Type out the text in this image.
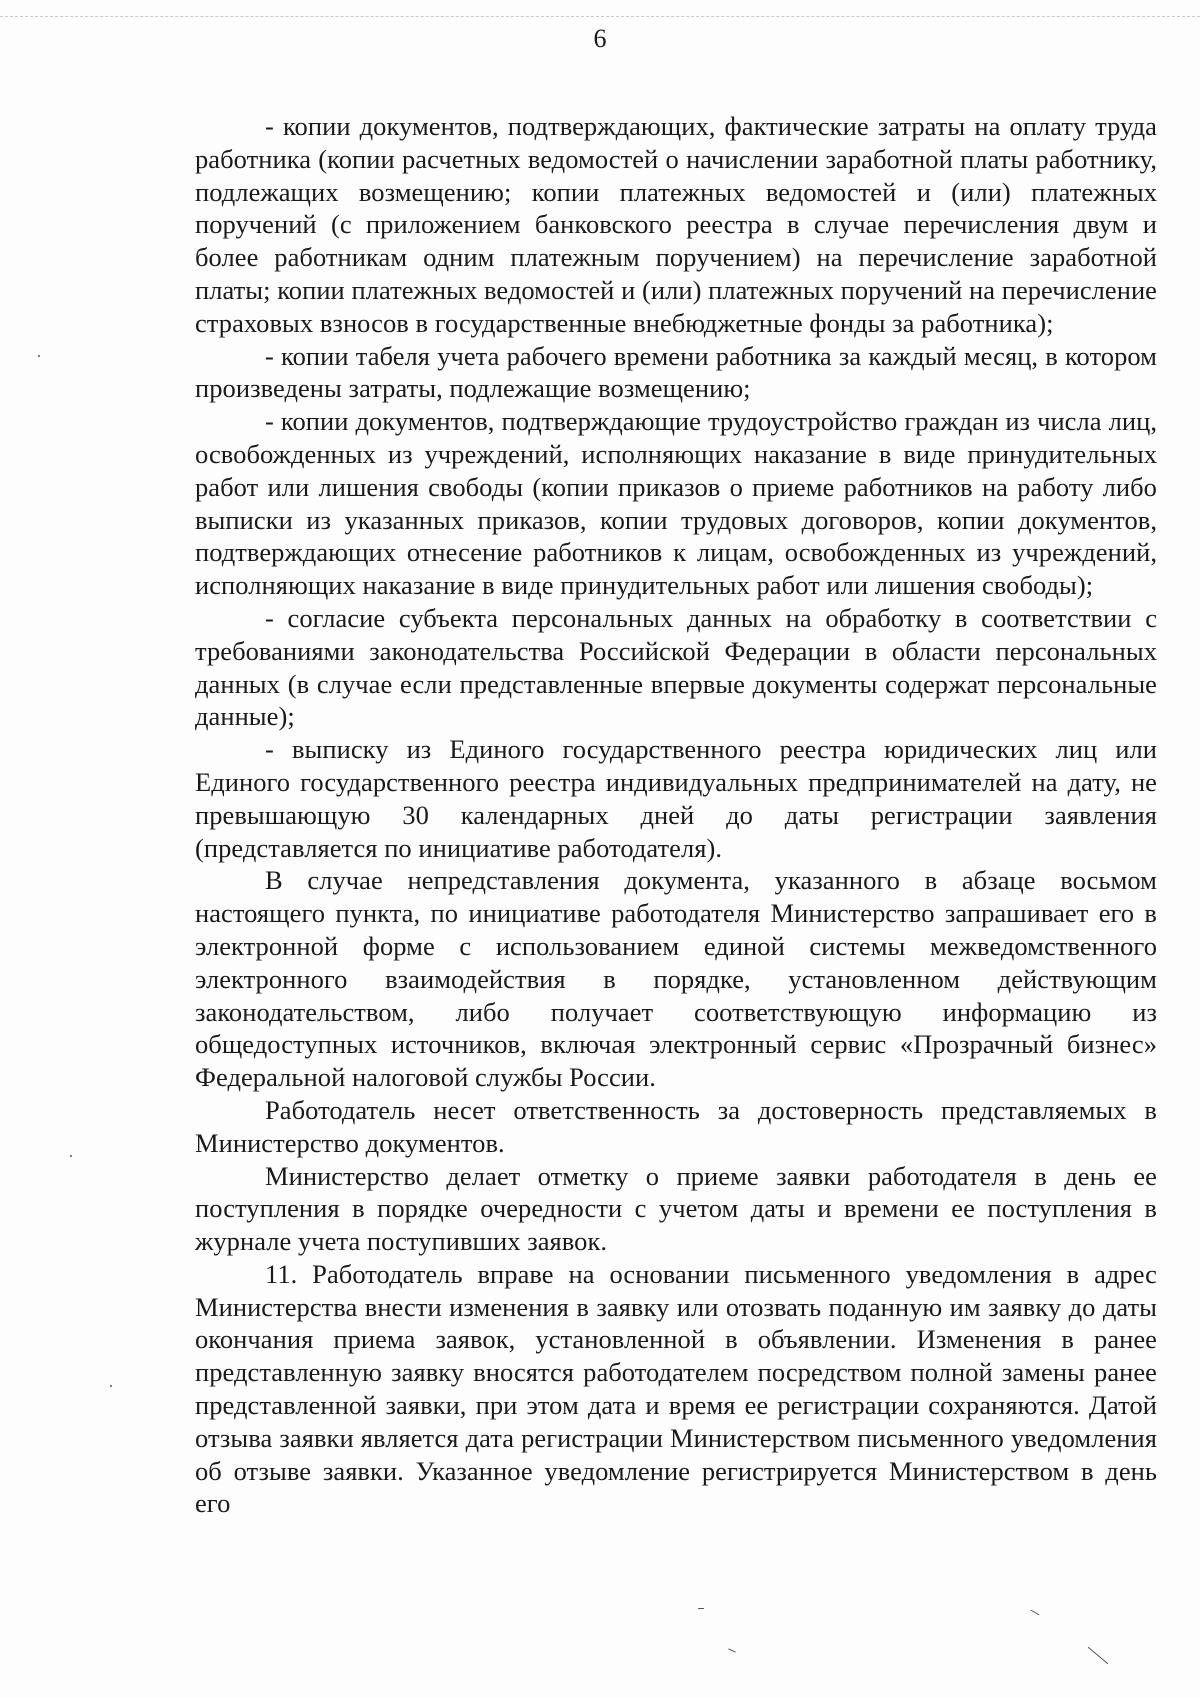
6

- копии документов, подтверждающих, фактические затраты на оплату труда работника (копии расчетных ведомостей о начислении заработной платы работнику, подлежащих возмещению; копии платежных ведомостей и (или) платежных поручений (с приложением банковского реестра в случае перечисления двум и более работникам одним платежным поручением) на перечисление заработной платы; копии платежных ведомостей и (или) платежных поручений на перечисление страховых взносов в государственные внебюджетные фонды за работника);

- копии табеля учета рабочего времени работника за каждый месяц, в котором произведены затраты, подлежащие возмещению;

- копии документов, подтверждающие трудоустройство граждан из числа лиц, освобожденных из учреждений, исполняющих наказание в виде принудительных работ или лишения свободы (копии приказов о приеме работников на работу либо выписки из указанных приказов, копии трудовых договоров, копии документов, подтверждающих отнесение работников к лицам, освобожденных из учреждений, исполняющих наказание в виде принудительных работ или лишения свободы);

- согласие субъекта персональных данных на обработку в соответствии с требованиями законодательства Российской Федерации в области персональных данных (в случае если представленные впервые документы содержат персональные данные);

- выписку из Единого государственного реестра юридических лиц или Единого государственного реестра индивидуальных предпринимателей на дату, не превышающую 30 календарных дней до даты регистрации заявления (представляется по инициативе работодателя).

В случае непредставления документа, указанного в абзаце восьмом настоящего пункта, по инициативе работодателя Министерство запрашивает его в электронной форме с использованием единой системы межведомственного электронного взаимодействия в порядке, установленном действующим законодательством, либо получает соответствующую информацию из общедоступных источников, включая электронный сервис «Прозрачный бизнес» Федеральной налоговой службы России.

Работодатель несет ответственность за достоверность представляемых в Министерство документов.

Министерство делает отметку о приеме заявки работодателя в день ее поступления в порядке очередности с учетом даты и времени ее поступления в журнале учета поступивших заявок.

11. Работодатель вправе на основании письменного уведомления в адрес Министерства внести изменения в заявку или отозвать поданную им заявку до даты окончания приема заявок, установленной в объявлении. Изменения в ранее представленную заявку вносятся работодателем посредством полной замены ранее представленной заявки, при этом дата и время ее регистрации сохраняются. Датой отзыва заявки является дата регистрации Министерством письменного уведомления об отзыве заявки. Указанное уведомление регистрируется Министерством в день его
